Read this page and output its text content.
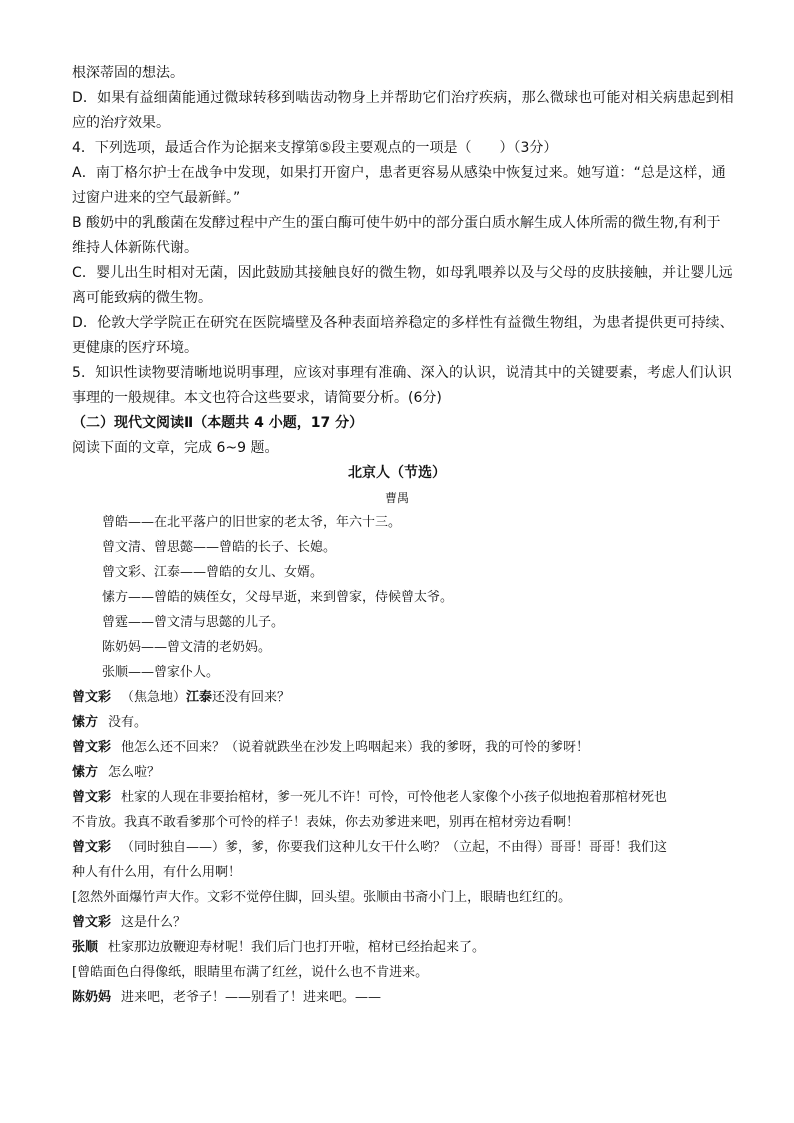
根深蒂固的想法。
D．如果有益细菌能通过微球转移到啮齿动物身上并帮助它们治疗疾病，那么微球也可能对相关病患起到相
应的治疗效果。
4．下列选项，最适合作为论据来支撑第⑤段主要观点的一项是（　　）（3分）
A．南丁格尔护士在战争中发现，如果打开窗户，患者更容易从感染中恢复过来。她写道：“总是这样，通
过窗户进来的空气最新鲜。”
B 酸奶中的乳酸菌在发酵过程中产生的蛋白酶可使牛奶中的部分蛋白质水解生成人体所需的微生物,有利于
维持人体新陈代谢。
C．婴儿出生时相对无菌，因此鼓励其接触良好的微生物，如母乳喂养以及与父母的皮肤接触，并让婴儿远
离可能致病的微生物。
D．伦敦大学学院正在研究在医院墙壁及各种表面培养稳定的多样性有益微生物组，为患者提供更可持续、
更健康的医疗环境。
5．知识性读物要清晰地说明事理，应该对事理有准确、深入的认识，说清其中的关键要素，考虑人们认识
事理的一般规律。本文也符合这些要求，请简要分析。(6分)
（二）现代文阅读Ⅱ（本题共 4 小题，17 分）
阅读下面的文章，完成 6~9 题。
北京人（节选）
曹禺
曾皓——在北平落户的旧世家的老太爷，年六十三。
曾文清、曾思懿——曾皓的长子、长媳。
曾文彩、江泰——曾皓的女儿、女婿。
愫方——曾皓的姨侄女，父母早逝，来到曾家，侍候曾太爷。
曾霆——曾文清与思懿的儿子。
陈奶妈——曾文清的老奶妈。
张顺——曾家仆人。
曾文彩 （焦急地）江泰还没有回来？
愫方 没有。
曾文彩 他怎么还不回来？（说着就跌坐在沙发上呜咽起来）我的爹呀，我的可怜的爹呀！
愫方 怎么啦？
曾文彩 杜家的人现在非要抬棺材，爹一死儿不许！可怜，可怜他老人家像个小孩子似地抱着那棺材死也
不肯放。我真不敢看爹那个可怜的样子！表妹，你去劝爹进来吧，别再在棺材旁边看啊！
曾文彩 （同时独自——）爹，爹，你要我们这种儿女干什么哟？（立起，不由得）哥哥！哥哥！我们这
种人有什么用，有什么用啊！
[忽然外面爆竹声大作。文彩不觉停住脚，回头望。张顺由书斋小门上，眼睛也红红的。
曾文彩 这是什么？
张顺 杜家那边放鞭迎寿材呢！我们后门也打开啦，棺材已经抬起来了。
[曾皓面色白得像纸，眼睛里布满了红丝，说什么也不肯进来。
陈奶妈 进来吧，老爷子！——别看了！进来吧。——
